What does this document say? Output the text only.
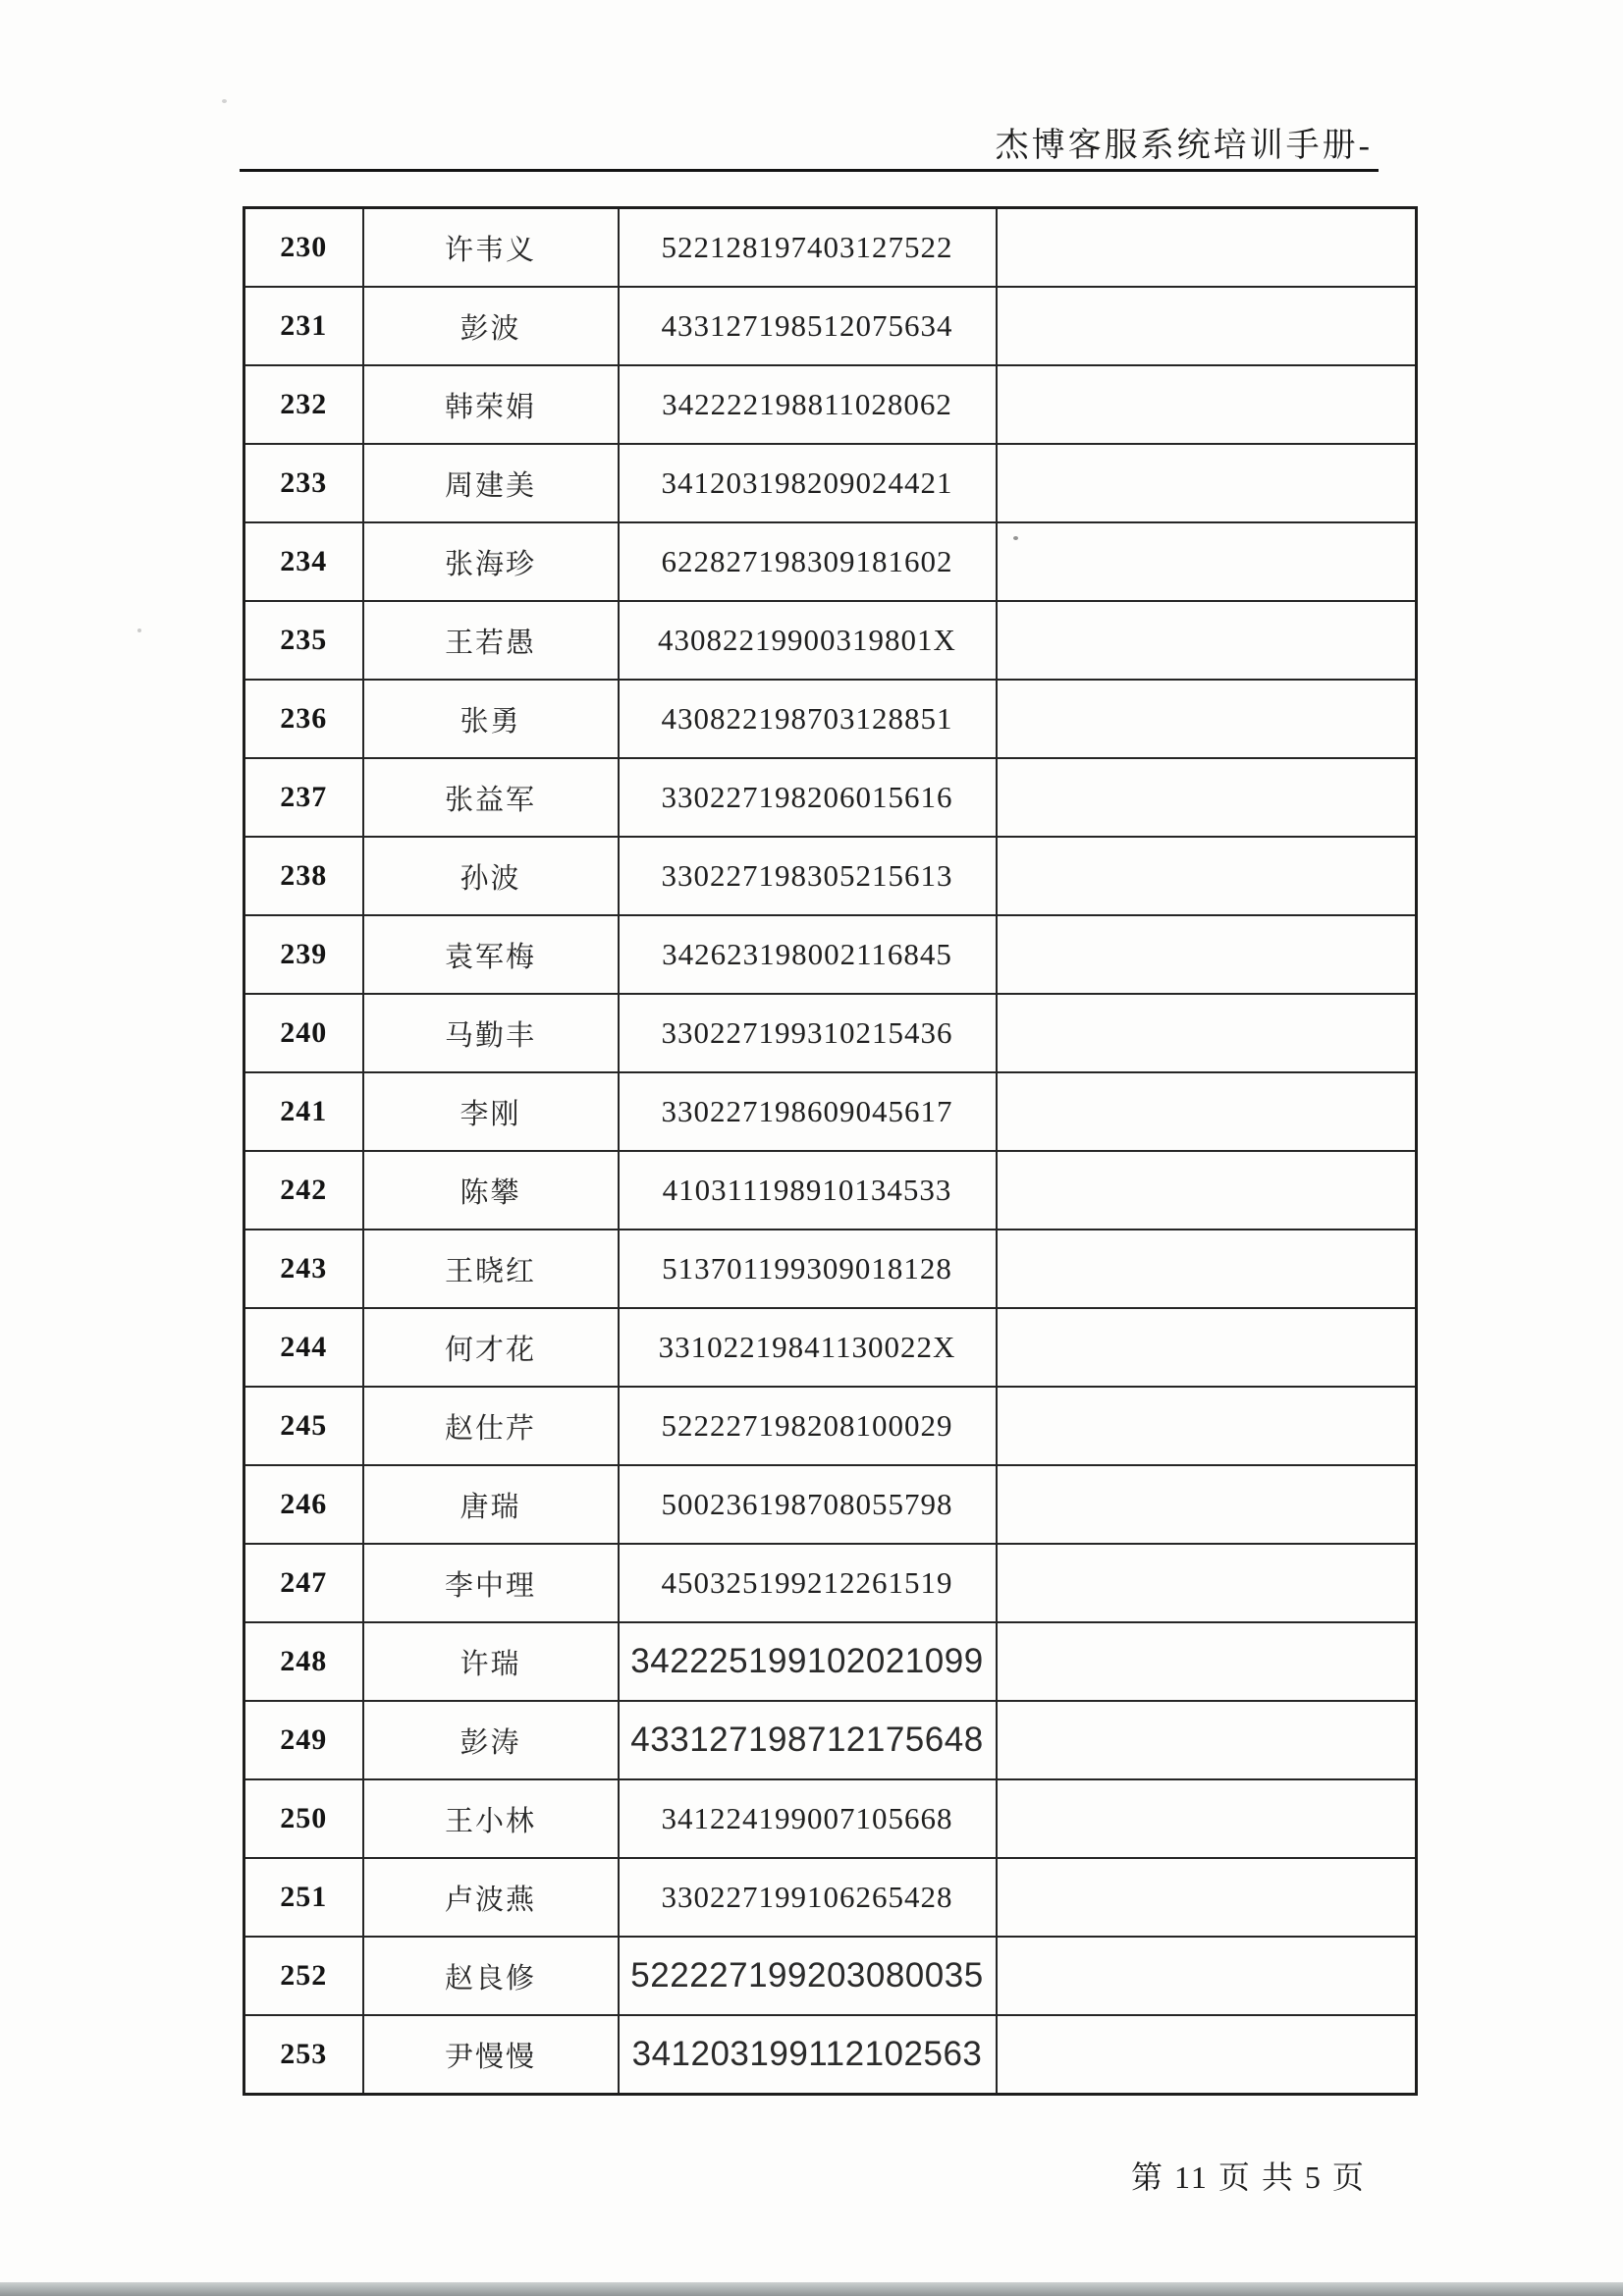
杰博客服系统培训手册-
230	许韦义	522128197403127522	
231	彭波	433127198512075634	
232	韩荣娟	342222198811028062	
233	周建美	341203198209024421	
234	张海珍	622827198309181602	
235	王若愚	43082219900319801X	
236	张勇	430822198703128851	
237	张益军	330227198206015616	
238	孙波	330227198305215613	
239	袁军梅	342623198002116845	
240	马勤丰	330227199310215436	
241	李刚	330227198609045617	
242	陈攀	410311198910134533	
243	王晓红	513701199309018128	
244	何才花	33102219841130022X	
245	赵仕芹	522227198208100029	
246	唐瑞	500236198708055798	
247	李中理	450325199212261519	
248	许瑞	342225199102021099	
249	彭涛	433127198712175648	
250	王小林	341224199007105668	
251	卢波燕	330227199106265428	
252	赵良修	522227199203080035	
253	尹慢慢	341203199112102563	
第 11 页 共 5 页
